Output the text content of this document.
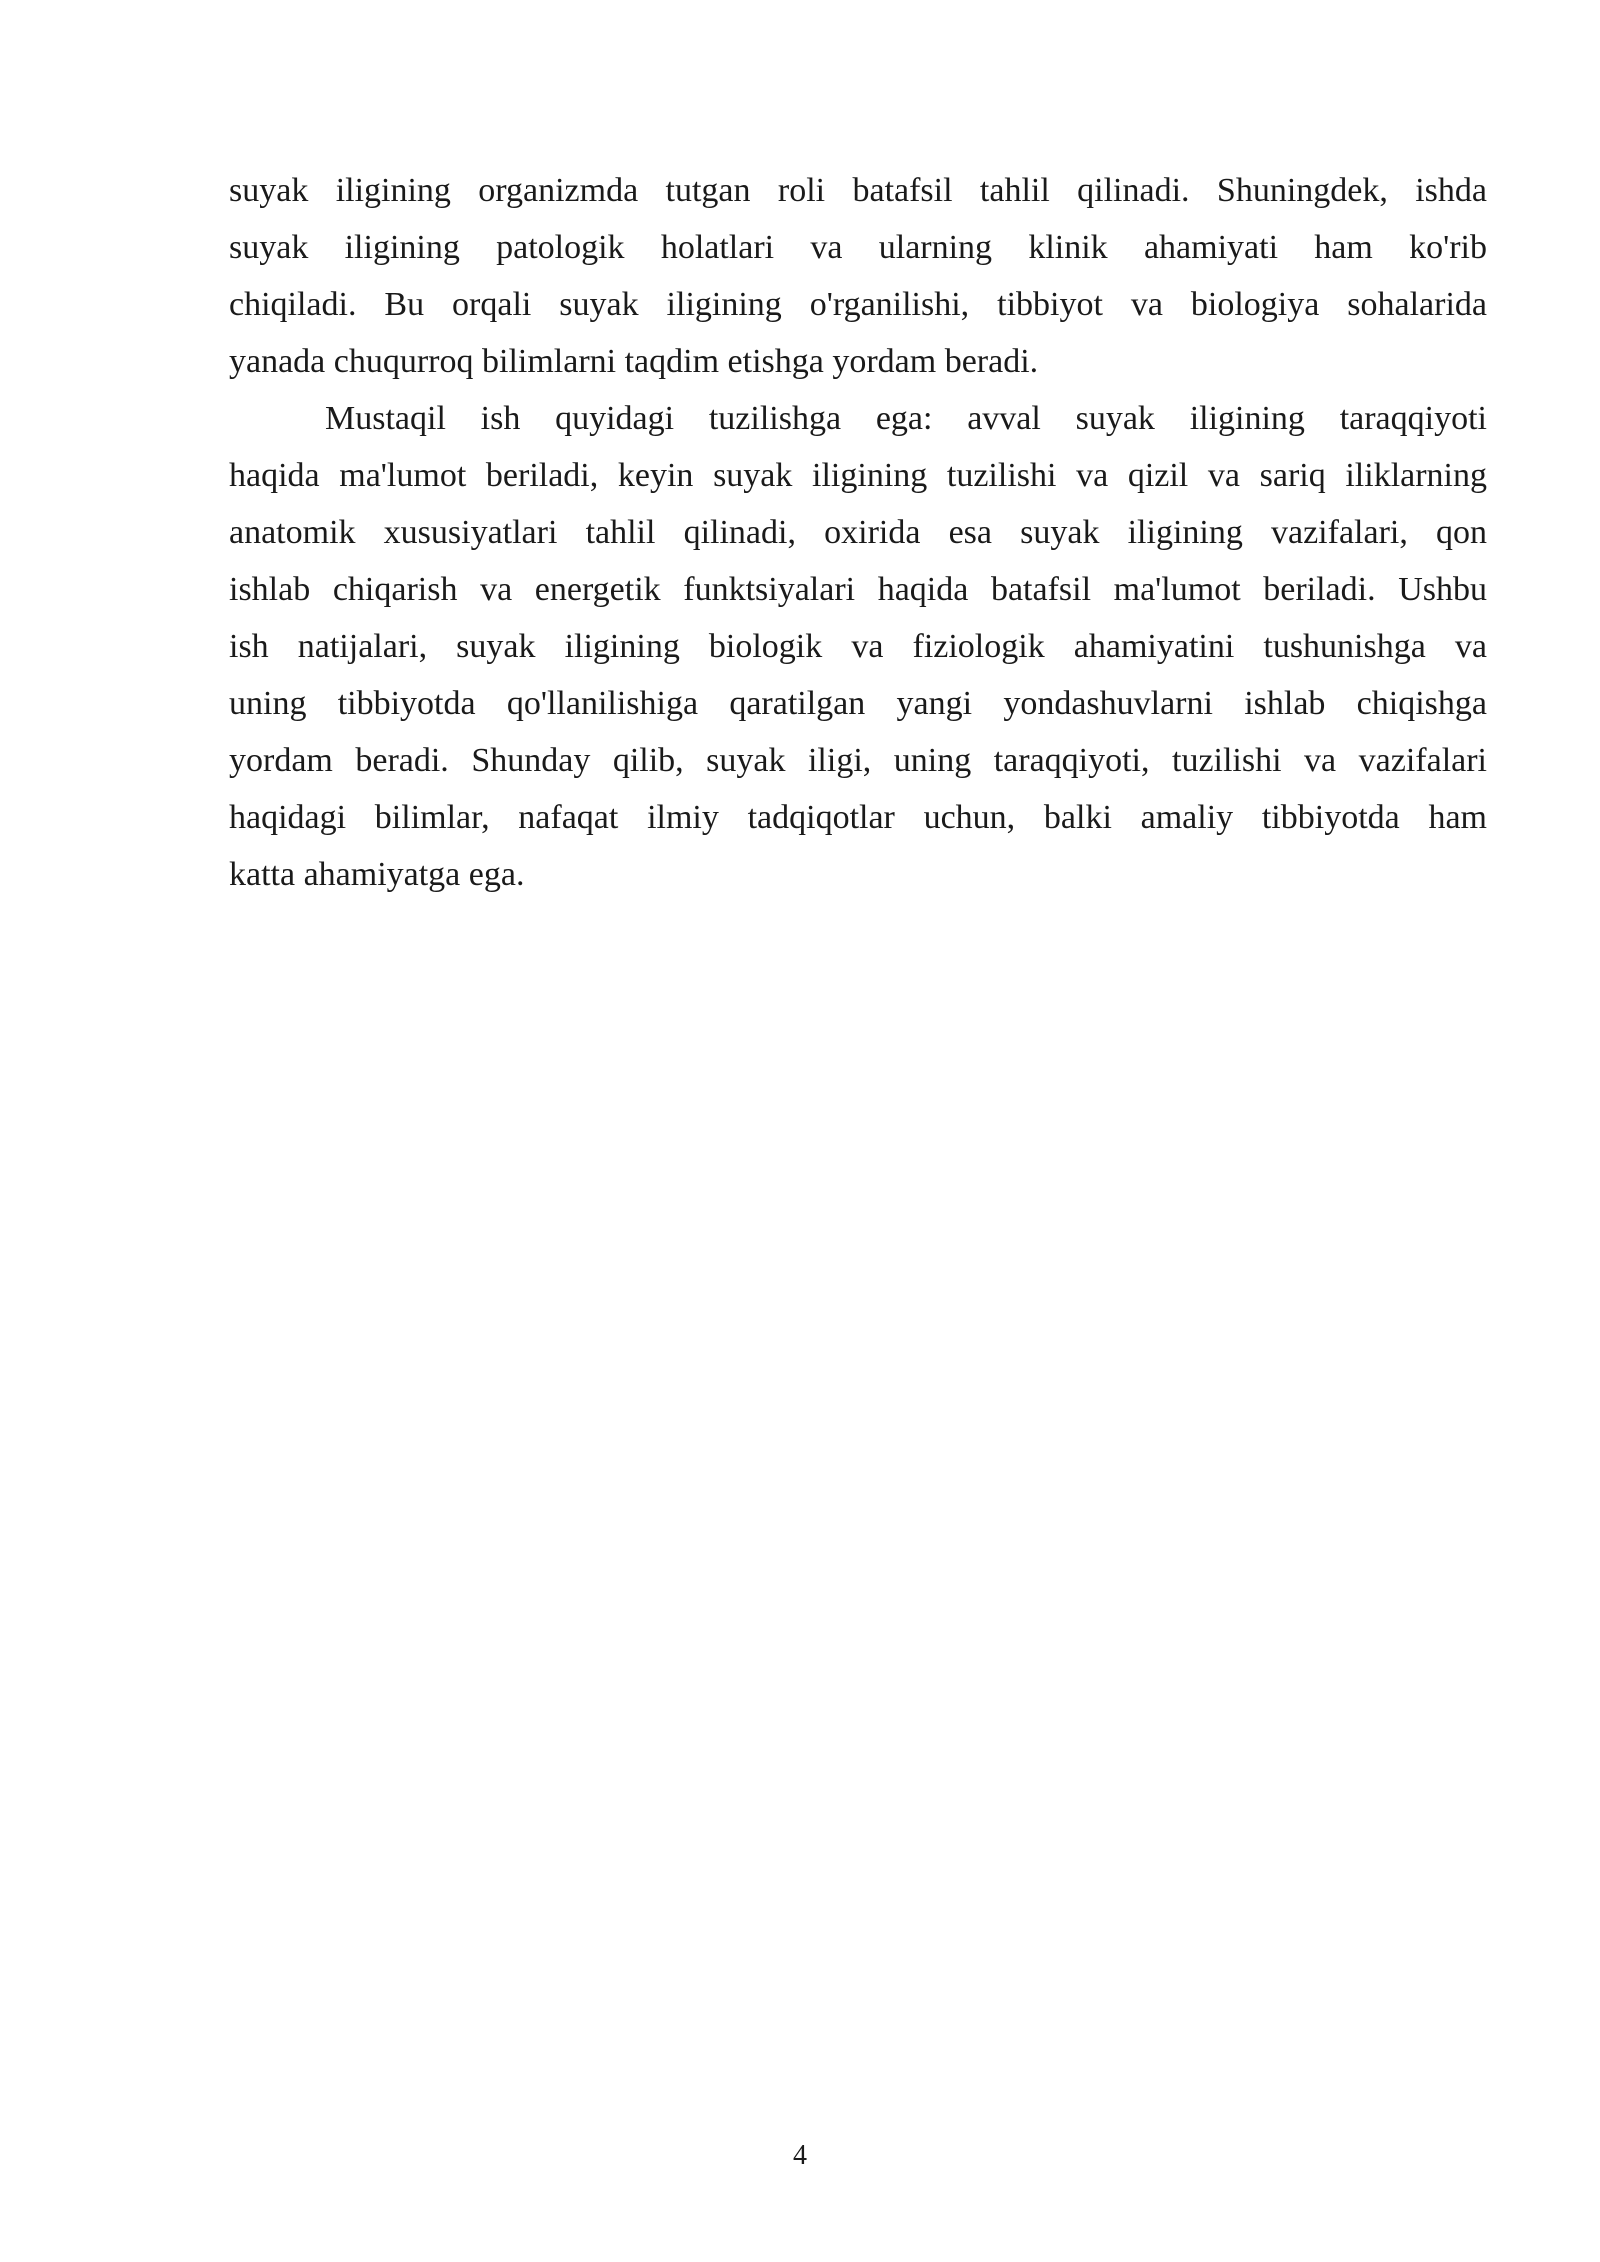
suyak iligining organizmda tutgan roli batafsil tahlil qilinadi. Shuningdek, ishda
suyak iligining patologik holatlari va ularning klinik ahamiyati ham ko'rib
chiqiladi. Bu orqali suyak iligining o'rganilishi, tibbiyot va biologiya sohalarida
yanada chuqurroq bilimlarni taqdim etishga yordam beradi.

Mustaqil ish quyidagi tuzilishga ega: avval suyak iligining taraqqiyoti
haqida ma'lumot beriladi, keyin suyak iligining tuzilishi va qizil va sariq iliklarning
anatomik xususiyatlari tahlil qilinadi, oxirida esa suyak iligining vazifalari, qon
ishlab chiqarish va energetik funktsiyalari haqida batafsil ma'lumot beriladi. Ushbu
ish natijalari, suyak iligining biologik va fiziologik ahamiyatini tushunishga va
uning tibbiyotda qo'llanilishiga qaratilgan yangi yondashuvlarni ishlab chiqishga
yordam beradi. Shunday qilib, suyak iligi, uning taraqqiyoti, tuzilishi va vazifalari
haqidagi bilimlar, nafaqat ilmiy tadqiqotlar uchun, balki amaliy tibbiyotda ham
katta ahamiyatga ega.

4
